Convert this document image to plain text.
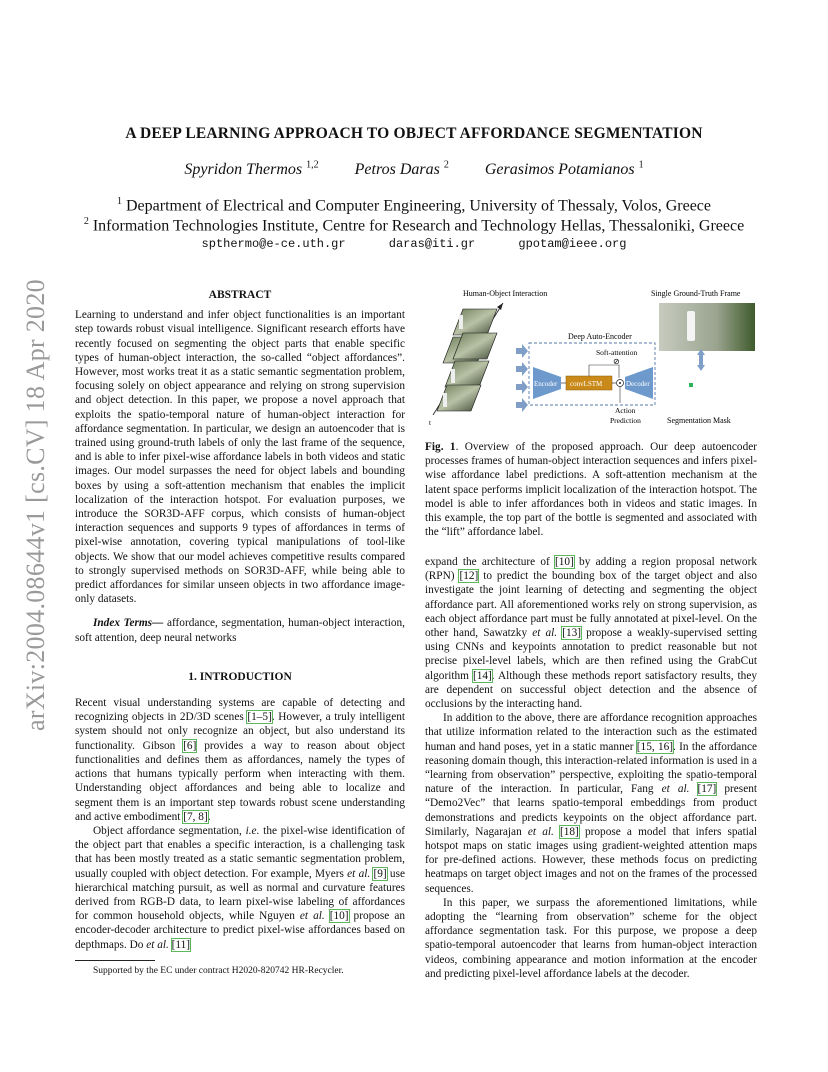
arXiv:2004.08644v1 [cs.CV] 18 Apr 2020
A DEEP LEARNING APPROACH TO OBJECT AFFORDANCE SEGMENTATION
Spyridon Thermos $^{1,2}$ Petros Daras $^2$ Gerasimos Potamianos $^1$
$^1$ Department of Electrical and Computer Engineering, University of Thessaly, Volos, Greece
$^2$ Information Technologies Institute, Centre for Research and Technology Hellas, Thessaloniki, Greece
spthermo@e-ce.uth.gr	daras@iti.gr	gpotam@ieee.org
ABSTRACT

Learning to understand and infer object functionalities is an important step towards robust visual intelligence. Significant research efforts have recently focused on segmenting the object parts that enable specific types of human-object interaction, the so-called “object affordances”. However, most works treat it as a static semantic segmentation problem, focusing solely on object appearance and relying on strong supervision and object detection. In this paper, we propose a novel approach that exploits the spatio-temporal nature of human-object interaction for affordance segmentation. In particular, we design an autoencoder that is trained using ground-truth labels of only the last frame of the sequence, and is able to infer pixel-wise affordance labels in both videos and static images. Our model surpasses the need for object labels and bounding boxes by using a soft-attention mechanism that enables the implicit localization of the interaction hotspot. For evaluation purposes, we introduce the SOR3D-AFF corpus, which consists of human-object interaction sequences and supports 9 types of affordances in terms of pixel-wise annotation, covering typical manipulations of tool-like objects. We show that our model achieves competitive results compared to strongly supervised methods on SOR3D-AFF, while being able to predict affordances for similar unseen objects in two affordance image-only datasets.

Index Terms— affordance, segmentation, human-object interaction, soft attention, deep neural networks

1. INTRODUCTION

Recent visual understanding systems are capable of detecting and recognizing objects in 2D/3D scenes [1–5]. However, a truly intelligent system should not only recognize an object, but also understand its functionality. Gibson [6] provides a way to reason about object functionalities and defines them as affordances, namely the types of actions that humans typically perform when interacting with them. Understanding object affordances and being able to localize and segment them is an important step towards robust scene understanding and active embodiment [7, 8].

Object affordance segmentation, i.e. the pixel-wise identification of the object part that enables a specific interaction, is a challenging task that has been mostly treated as a static semantic segmentation problem, usually coupled with object detection. For example, Myers et al. [9] use hierarchical matching pursuit, as well as normal and curvature features derived from RGB-D data, to learn pixel-wise labeling of affordances for common household objects, while Nguyen et al. [10] propose an encoder-decoder architecture to predict pixel-wise affordances based on depthmaps. Do et al. [11]

Supported by the EC under contract H2020-820742 HR-Recycler.
Human-Object Interaction	Single Ground-Truth Frame
t
Deep Auto-Encoder
Soft-attention
Encoder convLSTM
⊘
Decoder
Action
Prediction	Segmentation Mask
Fig. 1. Overview of the proposed approach. Our deep autoencoder processes frames of human-object interaction sequences and infers pixel-wise affordance label predictions. A soft-attention mechanism at the latent space performs implicit localization of the interaction hotspot. The model is able to infer affordances both in videos and static images. In this example, the top part of the bottle is segmented and associated with the “lift” affordance label.

expand the architecture of [10] by adding a region proposal network (RPN) [12] to predict the bounding box of the target object and also investigate the joint learning of detecting and segmenting the object affordance part. All aforementioned works rely on strong supervision, as each object affordance part must be fully annotated at pixel-level. On the other hand, Sawatzky et al. [13] propose a weakly-supervised setting using CNNs and keypoints annotation to predict reasonable but not precise pixel-level labels, which are then refined using the GrabCut algorithm [14]. Although these methods report satisfactory results, they are dependent on successful object detection and the absence of occlusions by the interacting hand.

In addition to the above, there are affordance recognition approaches that utilize information related to the interaction such as the estimated human and hand poses, yet in a static manner [15, 16]. In the affordance reasoning domain though, this interaction-related information is used in a “learning from observation” perspective, exploiting the spatio-temporal nature of the interaction. In particular, Fang et al. [17] present “Demo2Vec” that learns spatio-temporal embeddings from product demonstrations and predicts keypoints on the object affordance part. Similarly, Nagarajan et al. [18] propose a model that infers spatial hotspot maps on static images using gradient-weighted attention maps for pre-defined actions. However, these methods focus on predicting heatmaps on target object images and not on the frames of the processed sequences.

In this paper, we surpass the aforementioned limitations, while adopting the “learning from observation” scheme for the object affordance segmentation task. For this purpose, we propose a deep spatio-temporal autoencoder that learns from human-object interaction videos, combining appearance and motion information at the encoder and predicting pixel-level affordance labels at the decoder.
